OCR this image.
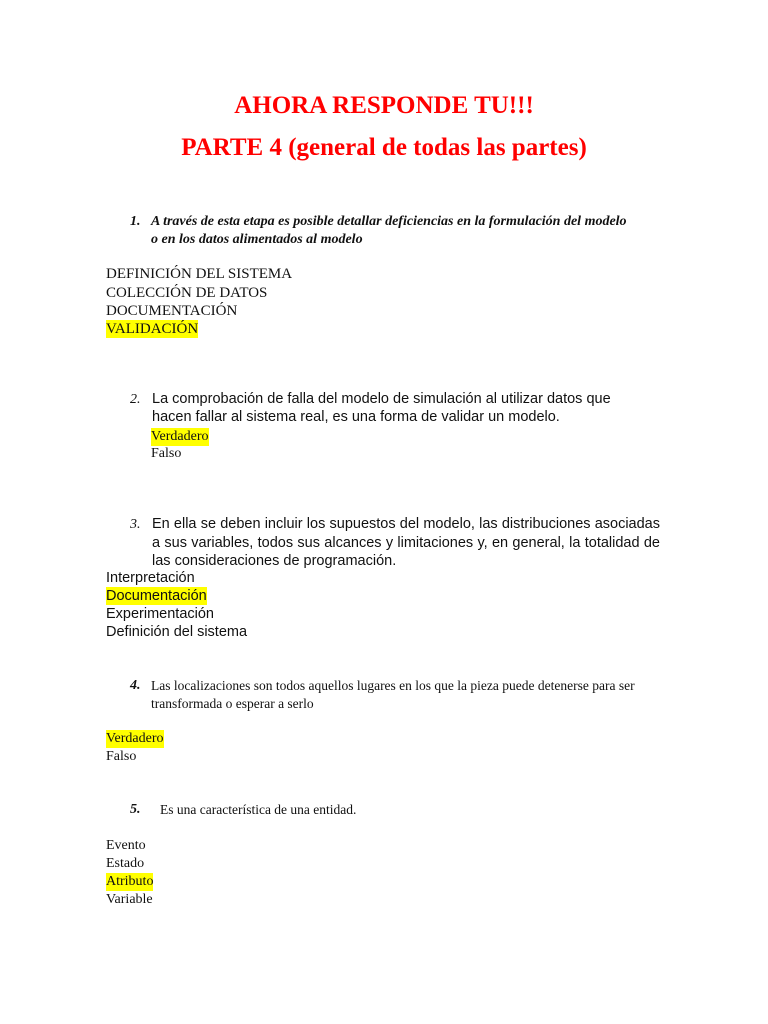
AHORA RESPONDE TU!!!
PARTE 4 (general de todas las partes)
1. A través de esta etapa es posible detallar deficiencias en la formulación del modelo o en los datos alimentados al modelo
DEFINICIÓN DEL SISTEMA
COLECCIÓN DE DATOS
DOCUMENTACIÓN
VALIDACIÓN
2. La comprobación de falla del modelo de simulación al utilizar datos que hacen fallar al sistema real, es una forma de validar un modelo.
Verdadero
Falso
3. En ella se deben incluir los supuestos del modelo, las distribuciones asociadas a sus variables, todos sus alcances y limitaciones y, en general, la totalidad de las consideraciones de programación.
Interpretación
Documentación
Experimentación
Definición del sistema
4. Las localizaciones son todos aquellos lugares en los que la pieza puede detenerse para ser transformada o esperar a serlo
Verdadero
Falso
5. Es una característica de una entidad.
Evento
Estado
Atributo
Variable
